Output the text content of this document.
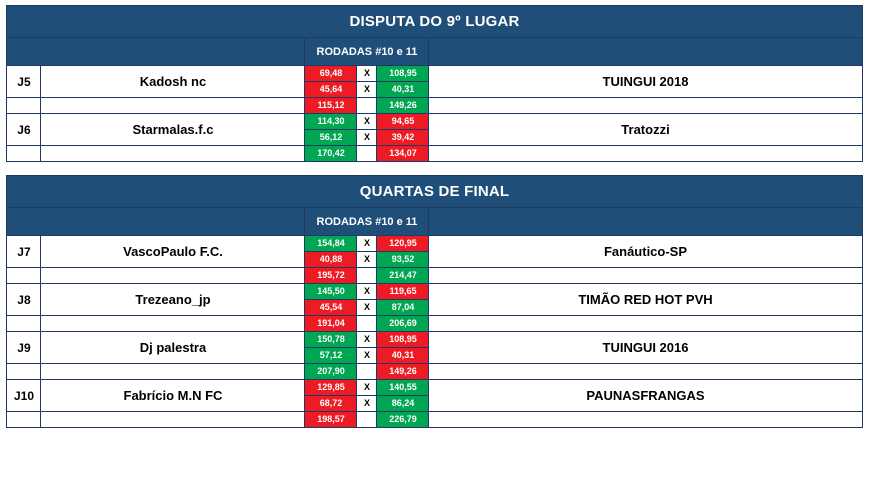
DISPUTA DO 9º LUGAR					
		RODADAS #10 e 11			
J5	Kadosh nc	69,48	X	108,95	TUINGUI 2018
		45,64	X	40,31	
		115,12		149,26	
J6	Starmalas.f.c	114,30	X	94,65	Tratozzi
		56,12	X	39,42	
		170,42		134,07	
QUARTAS DE FINAL					
		RODADAS #10 e 11			
J7	VascoPaulo F.C.	154,84	X	120,95	Fanáutico-SP
		40,88	X	93,52	
		195,72		214,47	
J8	Trezeano_jp	145,50	X	119,65	TIMÃO RED HOT PVH
		45,54	X	87,04	
		191,04		206,69	
J9	Dj palestra	150,78	X	108,95	TUINGUI 2016
		57,12	X	40,31	
		207,90		149,26	
J10	Fabrício M.N FC	129,85	X	140,55	PAUNASFRANGAS
		68,72	X	86,24	
		198,57		226,79	
